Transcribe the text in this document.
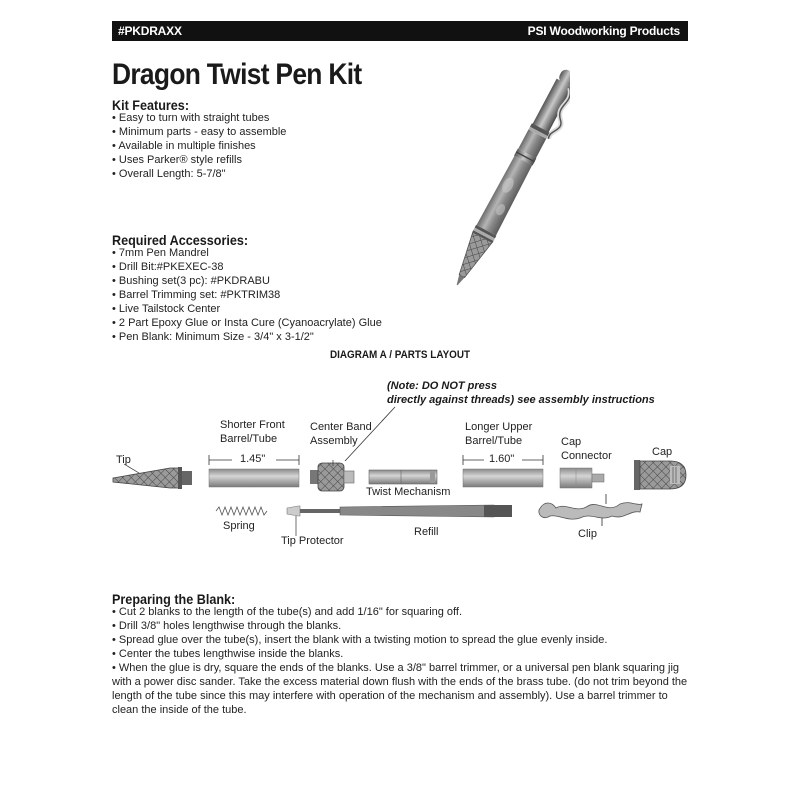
#PKDRAXX	PSI Woodworking Products
Dragon Twist Pen Kit
Kit Features:
• Easy to turn with straight tubes
• Minimum parts - easy to assemble
• Available in multiple finishes
• Uses Parker® style refills
• Overall Length: 5-7/8"
Required Accessories:
• 7mm Pen Mandrel
• Drill Bit:#PKEXEC-38
• Bushing set(3 pc): #PKDRABU
• Barrel Trimming set: #PKTRIM38
• Live Tailstock Center
• 2 Part Epoxy Glue or Insta Cure (Cyanoacrylate) Glue
• Pen Blank: Minimum Size - 3/4" x 3-1/2"
DIAGRAM A / PARTS LAYOUT
(Note: DO NOT press
directly against threads) see assembly instructions
Tip
Shorter Front
Barrel/Tube
Center Band
Assembly
Twist Mechanism
Longer Upper
Barrel/Tube	Cap
Connector	Cap
Spring
Tip Protector
Refill	Clip
1.45"	1.60"
Preparing the Blank:
• Cut 2 blanks to the length of the tube(s) and add 1/16" for squaring off.
• Drill 3/8" holes lengthwise through the blanks.
• Spread glue over the tube(s), insert the blank with a twisting motion to spread the glue evenly inside.
• Center the tubes lengthwise inside the blanks.
• When the glue is dry, square the ends of the blanks. Use a 3/8" barrel trimmer, or a universal pen blank squaring jig with a power disc sander. Take the excess material down flush with the ends of the brass tube. (do not trim beyond the length of the tube since this may interfere with operation of the mechanism and assembly). Use a barrel trimmer to clean the inside of the tube.
